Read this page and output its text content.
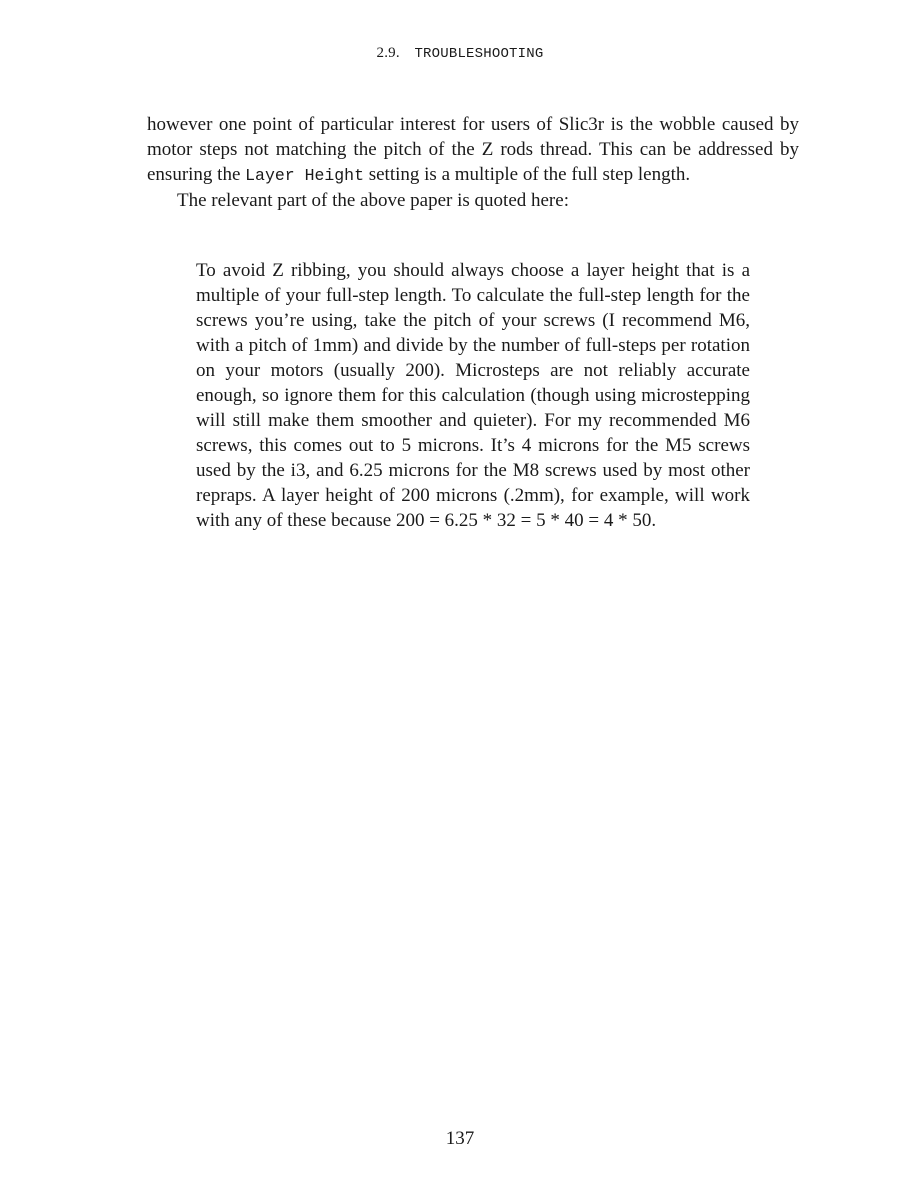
2.9. TROUBLESHOOTING

however one point of particular interest for users of Slic3r is the wobble caused by motor steps not matching the pitch of the Z rods thread. This can be addressed by ensuring the Layer Height setting is a multiple of the full step length.

The relevant part of the above paper is quoted here:

To avoid Z ribbing, you should always choose a layer height that is a multiple of your full-step length. To calculate the full-step length for the screws you’re using, take the pitch of your screws (I recommend M6, with a pitch of 1mm) and divide by the number of full-steps per rotation on your motors (usually 200). Microsteps are not reliably accurate enough, so ignore them for this calculation (though using microstepping will still make them smoother and quieter). For my recommended M6 screws, this comes out to 5 microns. It’s 4 microns for the M5 screws used by the i3, and 6.25 microns for the M8 screws used by most other repraps. A layer height of 200 microns (.2mm), for example, will work with any of these because 200 = 6.25 * 32 = 5 * 40 = 4 * 50.

137
